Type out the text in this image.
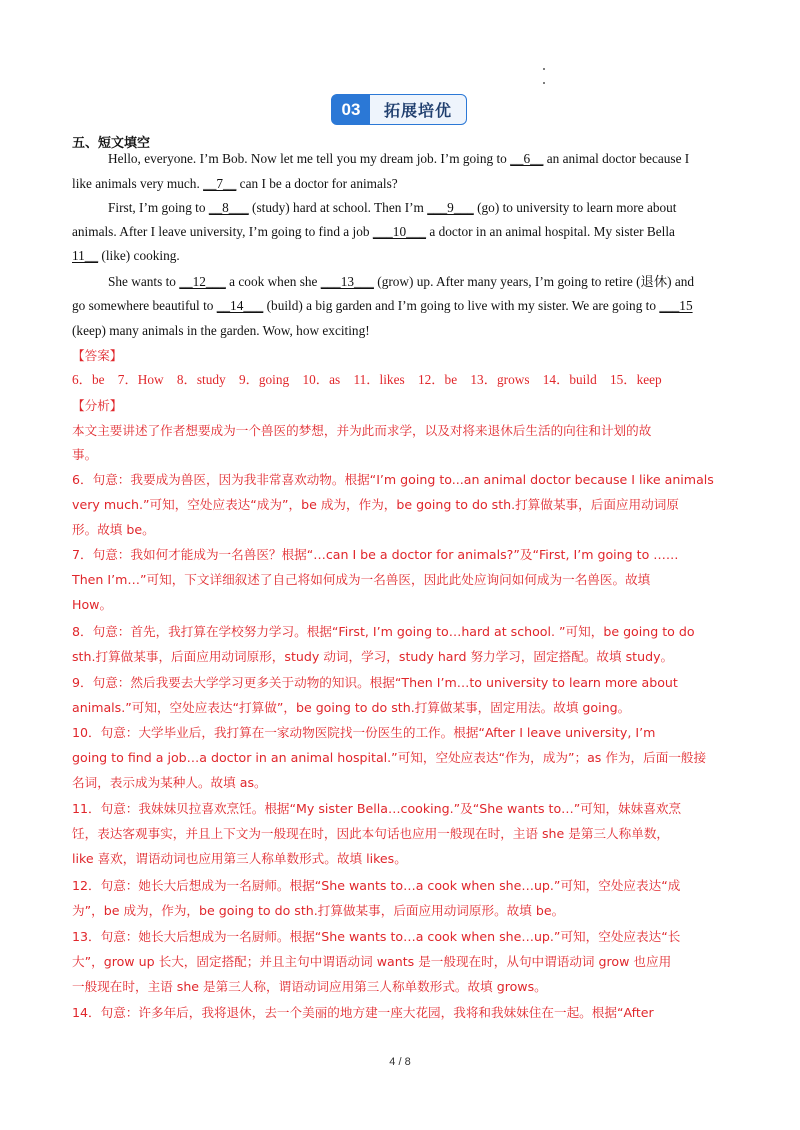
03	拓展培优
五、短文填空
Hello, everyone. I’m Bob. Now let me tell you my dream job. I’m going to __6__ an animal doctor because I
like animals very much. __7__ can I be a doctor for animals?
First, I’m going to __8___ (study) hard at school. Then I’m ___9___ (go) to university to learn more about
animals. After I leave university, I’m going to find a job ___10___ a doctor in an animal hospital. My sister Bella
11__ (like) cooking.
She wants to __12___ a cook when she ___13___ (grow) up. After many years, I’m going to retire (退休) and
go somewhere beautiful to __14___ (build) a big garden and I’m going to live with my sister. We are going to ___15
(keep) many animals in the garden. Wow, how exciting!
【答案】
6．be　7．How　8．study　9．going　10．as　11．likes　12．be　13．grows　14．build　15．keep
【分析】
本文主要讲述了作者想要成为一个兽医的梦想，并为此而求学，以及对将来退休后生活的向往和计划的故
事。
6．句意：我要成为兽医，因为我非常喜欢动物。根据“I’m going to...an animal doctor because I like animals
very much.”可知，空处应表达“成为”，be 成为，作为，be going to do sth.打算做某事，后面应用动词原
形。故填 be。
7．句意：我如何才能成为一名兽医？根据“…can I be a doctor for animals?”及“First, I’m going to ……
Then I’m…”可知，下文详细叙述了自己将如何成为一名兽医，因此此处应询问如何成为一名兽医。故填
How。
8．句意：首先，我打算在学校努力学习。根据“First, I’m going to…hard at school. ”可知，be going to do
sth.打算做某事，后面应用动词原形，study 动词，学习，study hard 努力学习，固定搭配。故填 study。
9．句意：然后我要去大学学习更多关于动物的知识。根据“Then I’m…to university to learn more about
animals.”可知，空处应表达“打算做”，be going to do sth.打算做某事，固定用法。故填 going。
10．句意：大学毕业后，我打算在一家动物医院找一份医生的工作。根据“After I leave university, I’m
going to find a job…a doctor in an animal hospital.”可知，空处应表达“作为，成为”；as 作为，后面一般接
名词，表示成为某种人。故填 as。
11．句意：我妹妹贝拉喜欢烹饪。根据“My sister Bella…cooking.”及“She wants to…”可知，妹妹喜欢烹
饪，表达客观事实，并且上下文为一般现在时，因此本句话也应用一般现在时，主语 she 是第三人称单数，
like 喜欢，谓语动词也应用第三人称单数形式。故填 likes。
12．句意：她长大后想成为一名厨师。根据“She wants to…a cook when she…up.”可知，空处应表达“成
为”，be 成为，作为，be going to do sth.打算做某事，后面应用动词原形。故填 be。
13．句意：她长大后想成为一名厨师。根据“She wants to…a cook when she…up.”可知，空处应表达“长
大”，grow up 长大，固定搭配；并且主句中谓语动词 wants 是一般现在时，从句中谓语动词 grow 也应用
一般现在时，主语 she 是第三人称，谓语动词应用第三人称单数形式。故填 grows。
14．句意：许多年后，我将退休，去一个美丽的地方建一座大花园，我将和我妹妹住在一起。根据“After
4 / 8
